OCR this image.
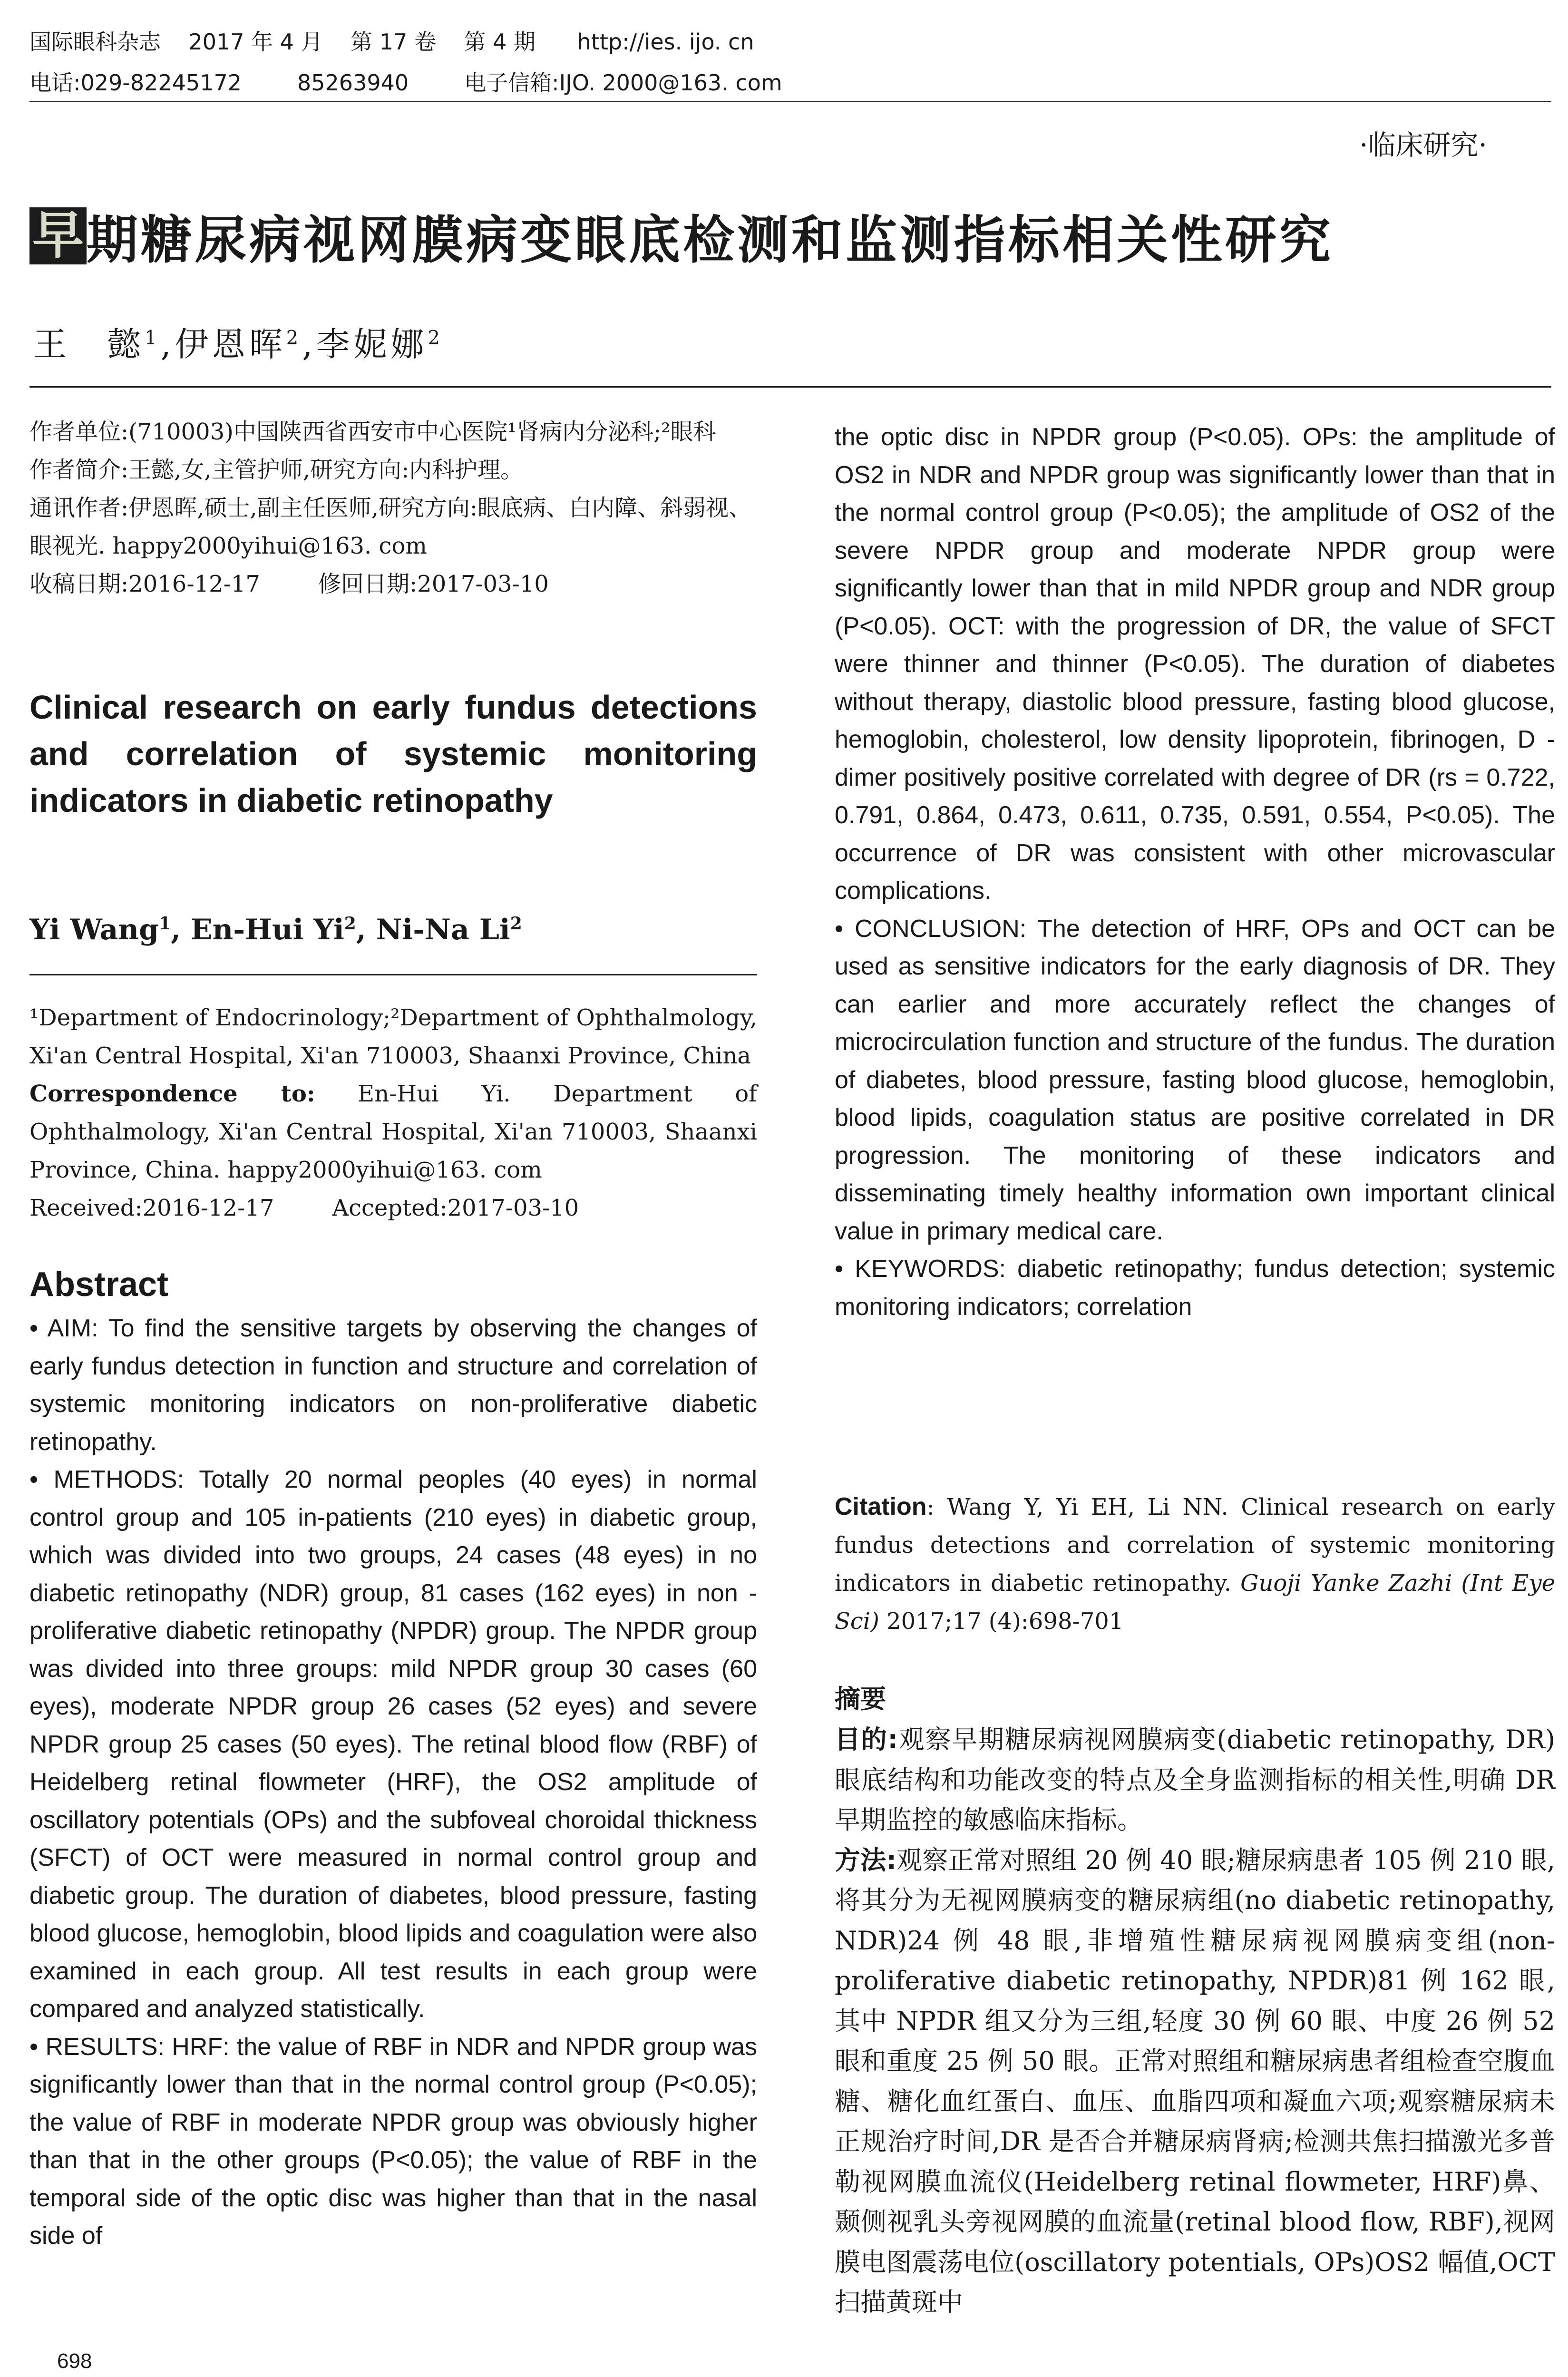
国际眼科杂志    2017 年 4 月    第 17 卷    第 4 期      http://ies. ijo. cn
电话:029-82245172        85263940        电子信箱:IJO. 2000@163. com
·临床研究·
早 期糖尿病视网膜病变眼底检测和监测指标相关性研究
王　懿$^1$,伊恩晖$^2$,李妮娜$^2$
作者单位:(710003)中国陕西省西安市中心医院¹肾病内分泌科;²眼科
作者简介:王懿,女,主管护师,研究方向:内科护理。
通讯作者:伊恩晖,硕士,副主任医师,研究方向:眼底病、白内障、斜弱视、眼视光. happy2000yihui@163. com
收稿日期:2016-12-17        修回日期:2017-03-10
Clinical research on early fundus detections and correlation of systemic monitoring indicators in diabetic retinopathy
Yi Wang$^1$, En-Hui Yi$^2$, Ni-Na Li$^2$
¹Department of Endocrinology;²Department of Ophthalmology, Xi'an Central Hospital, Xi'an 710003, Shaanxi Province, China
Correspondence to: En-Hui Yi. Department of Ophthalmology, Xi'an Central Hospital, Xi'an 710003, Shaanxi Province, China. happy2000yihui@163. com
Received:2016-12-17        Accepted:2017-03-10
Abstract

• AIM: To find the sensitive targets by observing the changes of early fundus detection in function and structure and correlation of systemic monitoring indicators on non-proliferative diabetic retinopathy.

• METHODS: Totally 20 normal peoples (40 eyes) in normal control group and 105 in-patients (210 eyes) in diabetic group, which was divided into two groups, 24 cases (48 eyes) in no diabetic retinopathy (NDR) group, 81 cases (162 eyes) in non - proliferative diabetic retinopathy (NPDR) group. The NPDR group was divided into three groups: mild NPDR group 30 cases (60 eyes), moderate NPDR group 26 cases (52 eyes) and severe NPDR group 25 cases (50 eyes). The retinal blood flow (RBF) of Heidelberg retinal flowmeter (HRF), the OS2 amplitude of oscillatory potentials (OPs) and the subfoveal choroidal thickness (SFCT) of OCT were measured in normal control group and diabetic group. The duration of diabetes, blood pressure, fasting blood glucose, hemoglobin, blood lipids and coagulation were also examined in each group. All test results in each group were compared and analyzed statistically.

• RESULTS: HRF: the value of RBF in NDR and NPDR group was significantly lower than that in the normal control group (P<0.05); the value of RBF in moderate NPDR group was obviously higher than that in the other groups (P<0.05); the value of RBF in the temporal side of the optic disc was higher than that in the nasal side of

the optic disc in NPDR group (P<0.05). OPs: the amplitude of OS2 in NDR and NPDR group was significantly lower than that in the normal control group (P<0.05); the amplitude of OS2 of the severe NPDR group and moderate NPDR group were significantly lower than that in mild NPDR group and NDR group (P<0.05). OCT: with the progression of DR, the value of SFCT were thinner and thinner (P<0.05). The duration of diabetes without therapy, diastolic blood pressure, fasting blood glucose, hemoglobin, cholesterol, low density lipoprotein, fibrinogen, D - dimer positively positive correlated with degree of DR (rs = 0.722, 0.791, 0.864, 0.473, 0.611, 0.735, 0.591, 0.554, P<0.05). The occurrence of DR was consistent with other microvascular complications.

• CONCLUSION: The detection of HRF, OPs and OCT can be used as sensitive indicators for the early diagnosis of DR. They can earlier and more accurately reflect the changes of microcirculation function and structure of the fundus. The duration of diabetes, blood pressure, fasting blood glucose, hemoglobin, blood lipids, coagulation status are positive correlated in DR progression. The monitoring of these indicators and disseminating timely healthy information own important clinical value in primary medical care.

• KEYWORDS: diabetic retinopathy; fundus detection; systemic monitoring indicators; correlation

Citation: Wang Y, Yi EH, Li NN. Clinical research on early fundus detections and correlation of systemic monitoring indicators in diabetic retinopathy. Guoji Yanke Zazhi (Int Eye Sci) 2017;17 (4):698-701
摘要

目的:观察早期糖尿病视网膜病变(diabetic retinopathy, DR)眼底结构和功能改变的特点及全身监测指标的相关性,明确 DR 早期监控的敏感临床指标。

方法:观察正常对照组 20 例 40 眼;糖尿病患者 105 例 210 眼,将其分为无视网膜病变的糖尿病组(no diabetic retinopathy, NDR)24 例 48 眼,非增殖性糖尿病视网膜病变组(non-proliferative diabetic retinopathy, NPDR)81 例 162 眼,其中 NPDR 组又分为三组,轻度 30 例 60 眼、中度 26 例 52 眼和重度 25 例 50 眼。正常对照组和糖尿病患者组检查空腹血糖、糖化血红蛋白、血压、血脂四项和凝血六项;观察糖尿病未正规治疗时间,DR 是否合并糖尿病肾病;检测共焦扫描激光多普勒视网膜血流仪(Heidelberg retinal flowmeter, HRF)鼻、颞侧视乳头旁视网膜的血流量(retinal blood flow, RBF),视网膜电图震荡电位(oscillatory potentials, OPs)OS2 幅值,OCT 扫描黄斑中

698
